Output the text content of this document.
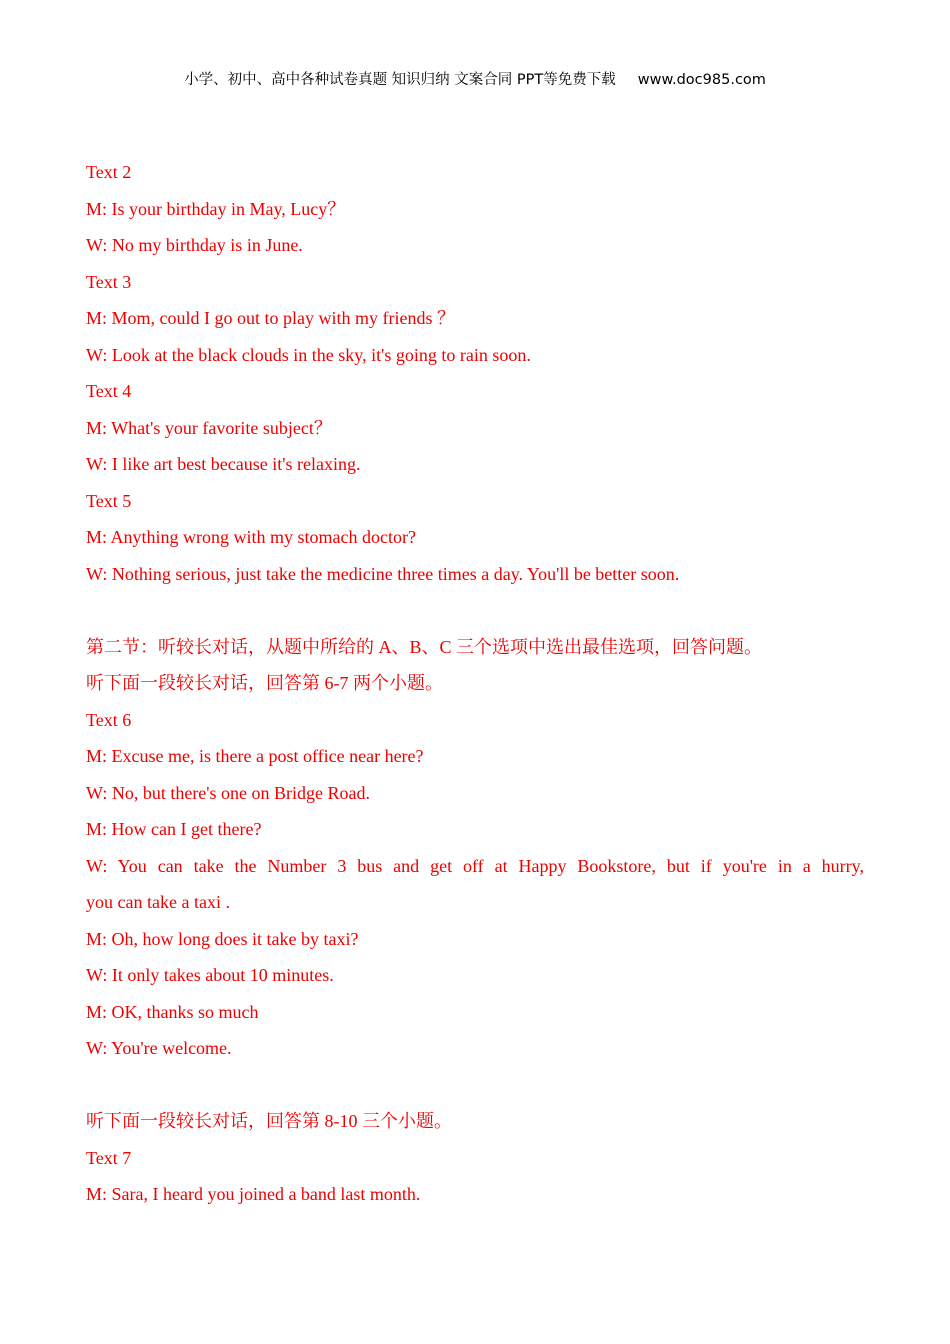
小学、初中、高中各种试卷真题 知识归纳 文案合同 PPT等免费下载 www.doc985.com
Text 2
M: Is your birthday in May, Lucy？
W: No my birthday is in June.
Text 3
M: Mom, could I go out to play with my friends ？
W: Look at the black clouds in the sky, it's going to rain soon.
Text 4
M: What's your favorite subject？
W: I like art best because it's relaxing.
Text 5
M: Anything wrong with my stomach doctor?
W: Nothing serious, just take the medicine three times a day. You'll be better soon.
第二节：听较长对话，从题中所给的 A、B、C 三个选项中选出最佳选项，回答问题。
听下面一段较长对话，回答第 6-7 两个小题。
Text 6
M: Excuse me, is there a post office near here?
W: No, but there's one on Bridge Road.
M: How can I get there?
W: You can take the Number 3 bus and get off at Happy Bookstore, but if you're in a hurry,
you can take a taxi .
M: Oh, how long does it take by taxi?
W: It only takes about 10 minutes.
M: OK, thanks so much
W: You're welcome.
听下面一段较长对话，回答第 8-10 三个小题。
Text 7
M: Sara, I heard you joined a band last month.
